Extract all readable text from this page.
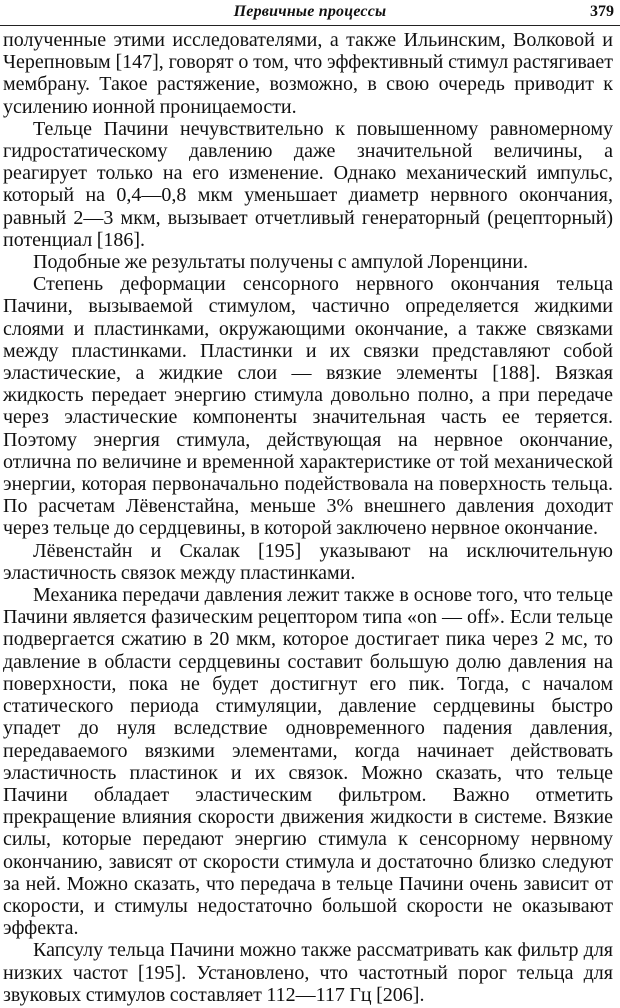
Первичные процессы	379

полученные этими исследователями, а также Ильинским, Волковой и Черепновым [147], говорят о том, что эффективный стимул растягивает мембрану. Такое растяжение, возможно, в свою очередь приводит к усилению ионной проницаемости.

Тельце Пачини нечувствительно к повышенному равномерному гидростатическому давлению даже значительной величины, а реагирует только на его изменение. Однако механический импульс, который на 0,4—0,8 мкм уменьшает диаметр нервного окончания, равный 2—3 мкм, вызывает отчетливый генераторный (рецепторный) потенциал [186].

Подобные же результаты получены с ампулой Лоренцини.

Степень деформации сенсорного нервного окончания тельца Пачини, вызываемой стимулом, частично определяется жидкими слоями и пластинками, окружающими окончание, а также связками между пластинками. Пластинки и их связки представляют собой эластические, а жидкие слои — вязкие элементы [188]. Вязкая жидкость передает энергию стимула довольно полно, а при передаче через эластические компоненты значительная часть ее теряется. Поэтому энергия стимула, действующая на нервное окончание, отлична по величине и временной характеристике от той механической энергии, которая первоначально подействовала на поверхность тельца. По расчетам Лёвенстайна, меньше 3% внешнего давления доходит через тельце до сердцевины, в которой заключено нервное окончание.

Лёвенстайн и Скалак [195] указывают на исключительную эластичность связок между пластинками.

Механика передачи давления лежит также в основе того, что тельце Пачини является фазическим рецептором типа «on — off». Если тельце подвергается сжатию в 20 мкм, которое достигает пика через 2 мс, то давление в области сердцевины составит большую долю давления на поверхности, пока не будет достигнут его пик. Тогда, с началом статического периода стимуляции, давление сердцевины быстро упадет до нуля вследствие одновременного падения давления, передаваемого вязкими элементами, когда начинает действовать эластичность пластинок и их связок. Можно сказать, что тельце Пачини обладает эластическим фильтром. Важно отметить прекращение влияния скорости движения жидкости в системе. Вязкие силы, которые передают энергию стимула к сенсорному нервному окончанию, зависят от скорости стимула и достаточно близко следуют за ней. Можно сказать, что передача в тельце Пачини очень зависит от скорости, и стимулы недостаточно большой скорости не оказывают эффекта.

Капсулу тельца Пачини можно также рассматривать как фильтр для низких частот [195]. Установлено, что частотный порог тельца для звуковых стимулов составляет 112—117 Гц [206].
